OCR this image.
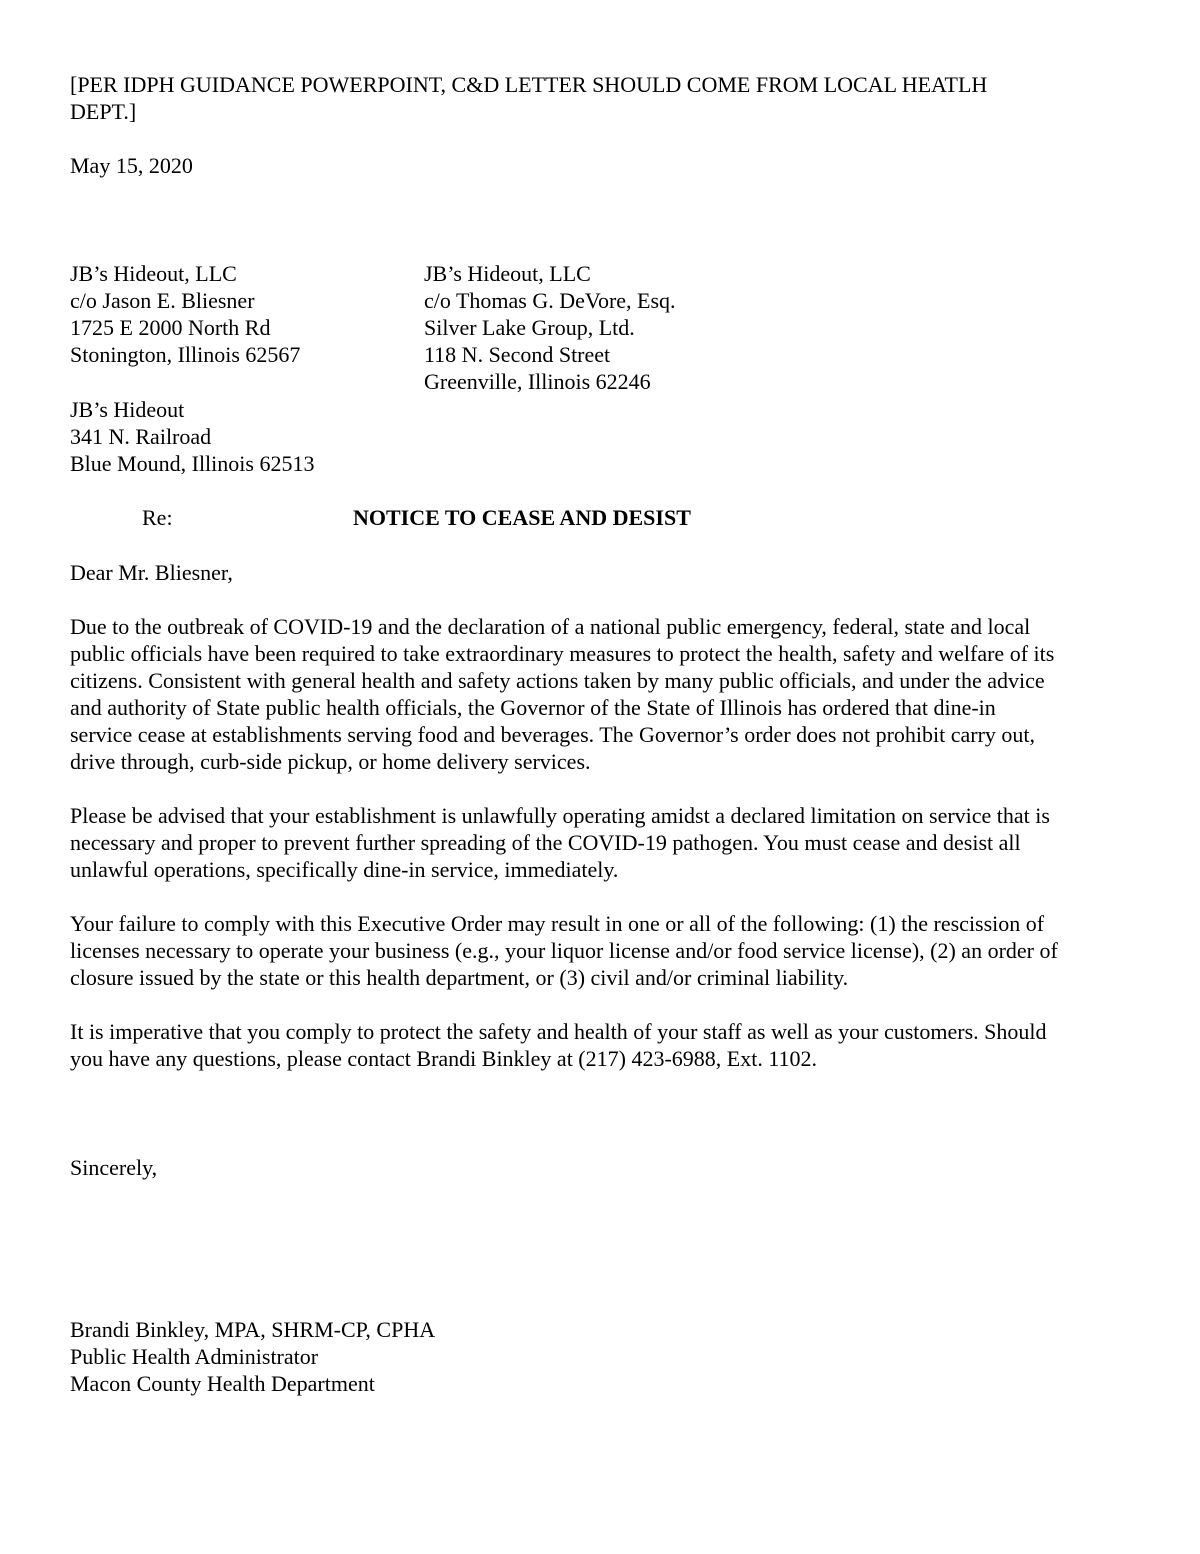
[PER IDPH GUIDANCE POWERPOINT, C&D LETTER SHOULD COME FROM LOCAL HEATLH
DEPT.]

May 15, 2020

JB’s Hideout, LLC
c/o Jason E. Bliesner
1725 E 2000 North Rd
Stonington, Illinois 62567
JB’s Hideout, LLC
c/o Thomas G. DeVore, Esq.
Silver Lake Group, Ltd.
118 N. Second Street
Greenville, Illinois 62246
JB’s Hideout
341 N. Railroad
Blue Mound, Illinois 62513
Re:	NOTICE TO CEASE AND DESIST

Dear Mr. Bliesner,

Due to the outbreak of COVID-19 and the declaration of a national public emergency, federal, state and local
public officials have been required to take extraordinary measures to protect the health, safety and welfare of its
citizens. Consistent with general health and safety actions taken by many public officials, and under the advice
and authority of State public health officials, the Governor of the State of Illinois has ordered that dine-in
service cease at establishments serving food and beverages. The Governor’s order does not prohibit carry out,
drive through, curb-side pickup, or home delivery services.

Please be advised that your establishment is unlawfully operating amidst a declared limitation on service that is
necessary and proper to prevent further spreading of the COVID-19 pathogen. You must cease and desist all
unlawful operations, specifically dine-in service, immediately.

Your failure to comply with this Executive Order may result in one or all of the following: (1) the rescission of
licenses necessary to operate your business (e.g., your liquor license and/or food service license), (2) an order of
closure issued by the state or this health department, or (3) civil and/or criminal liability.

It is imperative that you comply to protect the safety and health of your staff as well as your customers. Should
you have any questions, please contact Brandi Binkley at (217) 423-6988, Ext. 1102.

Sincerely,

Brandi Binkley, MPA, SHRM-CP, CPHA
Public Health Administrator
Macon County Health Department
